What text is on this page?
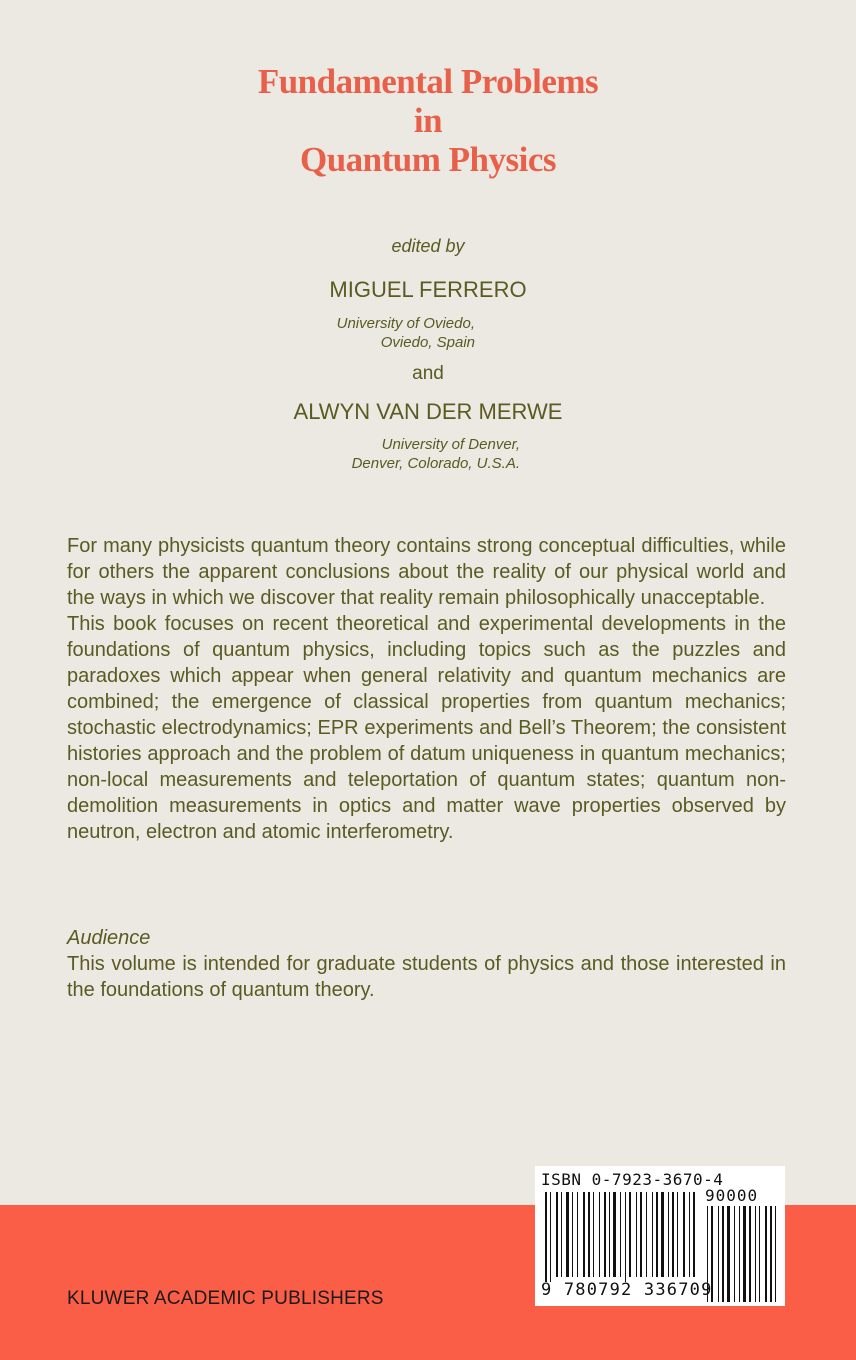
Fundamental Problems
in
Quantum Physics
edited by
MIGUEL FERRERO
University of Oviedo,
Oviedo, Spain
and
ALWYN VAN DER MERWE
University of Denver,
Denver, Colorado, U.S.A.

For many physicists quantum theory contains strong conceptual difficulties, while for others the apparent conclusions about the reality of our physical world and the ways in which we discover that reality remain philosophically unacceptable.

This book focuses on recent theoretical and experimental developments in the foundations of quantum physics, including topics such as the puzzles and paradoxes which appear when general relativity and quantum mechanics are combined; the emergence of classical properties from quantum mechanics; stochastic electrodynamics; EPR experiments and Bell’s Theorem; the consistent histories approach and the problem of datum uniqueness in quantum mechanics; non-local measurements and teleportation of quantum states; quantum non-demolition measurements in optics and matter wave properties observed by neutron, electron and atomic interferometry.

Audience

This volume is intended for graduate students of physics and those interested in the foundations of quantum theory.

KLUWER ACADEMIC PUBLISHERS
ISBN 0-7923-3670-4
90000
9 780792 336709
